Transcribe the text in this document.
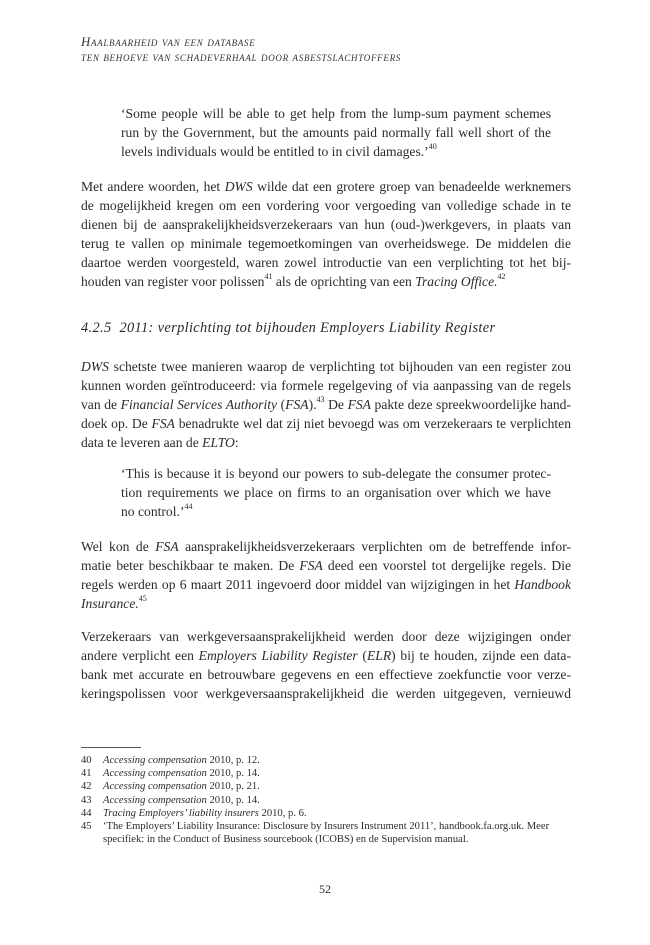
Haalbaarheid van een database
ten behoeve van schadeverhaal door asbestslachtoffers
‘Some people will be able to get help from the lump-sum payment schemes
run by the Government, but the amounts paid normally fall well short of the
levels individuals would be entitled to in civil damages.’$^{40}$
Met andere woorden, het DWS wilde dat een grotere groep van benadeelde werknemers
de mogelijkheid kregen om een vordering voor vergoeding van volledige schade in te
dienen bij de aansprakelijkheidsverzekeraars van hun (oud-)werkgevers, in plaats van
terug te vallen op minimale tegemoetkomingen van overheidswege. De middelen die
daartoe werden voorgesteld, waren zowel introductie van een verplichting tot het bij-
houden van register voor polissen$^{41}$ als de oprichting van een Tracing Office.$^{42}$
4.2.5 2011: verplichting tot bijhouden Employers Liability Register
DWS schetste twee manieren waarop de verplichting tot bijhouden van een register zou
kunnen worden geïntroduceerd: via formele regelgeving of via aanpassing van de regels
van de Financial Services Authority (FSA).$^{43}$ De FSA pakte deze spreekwoordelijke hand-
doek op. De FSA benadrukte wel dat zij niet bevoegd was om verzekeraars te verplichten
data te leveren aan de ELTO:
‘This is because it is beyond our powers to sub-delegate the consumer protec-
tion requirements we place on firms to an organisation over which we have
no control.’$^{44}$
Wel kon de FSA aansprakelijkheidsverzekeraars verplichten om de betreffende infor-
matie beter beschikbaar te maken. De FSA deed een voorstel tot dergelijke regels. Die
regels werden op 6 maart 2011 ingevoerd door middel van wijzigingen in het Handbook
Insurance.$^{45}$
Verzekeraars van werkgeversaansprakelijkheid werden door deze wijzigingen onder
andere verplicht een Employers Liability Register (ELR) bij te houden, zijnde een data-
bank met accurate en betrouwbare gegevens en een effectieve zoekfunctie voor verze-
keringspolissen voor werkgeversaansprakelijkheid die werden uitgegeven, vernieuwd
40	Accessing compensation 2010, p. 12.
41	Accessing compensation 2010, p. 14.
42	Accessing compensation 2010, p. 21.
43	Accessing compensation 2010, p. 14.
44	Tracing Employers’ liability insurers 2010, p. 6.
45	‘The Employers’ Liability Insurance: Disclosure by Insurers Instrument 2011’, handbook.fa.org.uk. Meer
specifiek: in the Conduct of Business sourcebook (ICOBS) en de Supervision manual.
52
